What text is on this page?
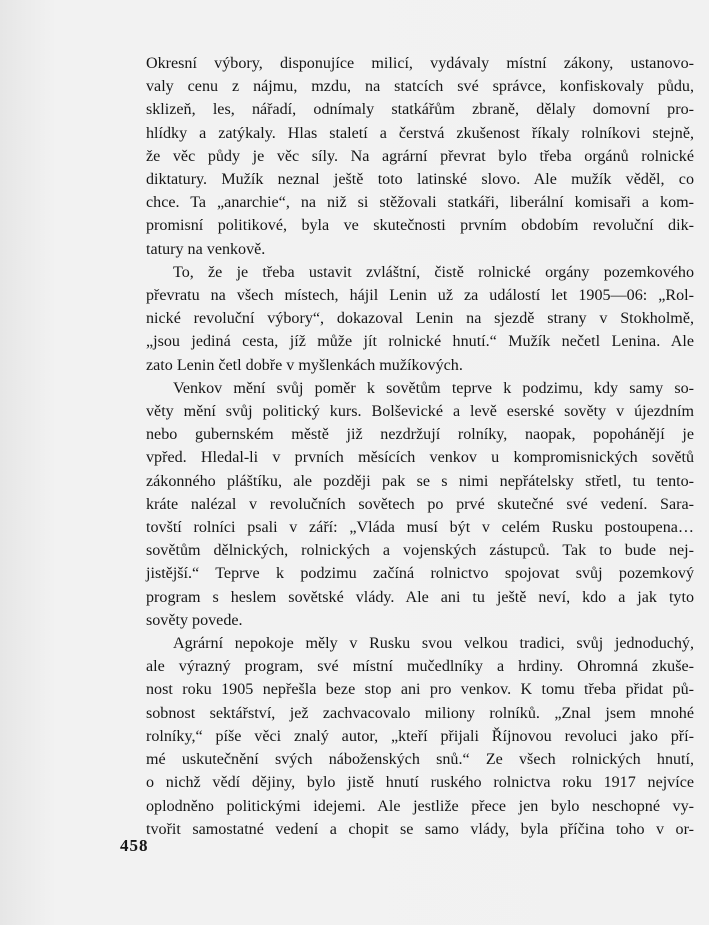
Okresní výbory, disponujíce milicí, vydávaly místní zákony, ustanovo-
valy cenu z nájmu, mzdu, na statcích své správce, konfiskovaly půdu,
sklizeň, les, nářadí, odnímaly statkářům zbraně, dělaly domovní pro-
hlídky a zatýkaly. Hlas staletí a čerstvá zkušenost říkaly rolníkovi stejně,
že věc půdy je věc síly. Na agrární převrat bylo třeba orgánů rolnické
diktatury. Mužík neznal ještě toto latinské slovo. Ale mužík věděl, co
chce. Ta „anarchie“, na niž si stěžovali statkáři, liberální komisaři a kom-
promisní politikové, byla ve skutečnosti prvním obdobím revoluční dik-
tatury na venkově.

To, že je třeba ustavit zvláštní, čistě rolnické orgány pozemkového
převratu na všech místech, hájil Lenin už za událostí let 1905—06: „Rol-
nické revoluční výbory“, dokazoval Lenin na sjezdě strany v Stokholmě,
„jsou jediná cesta, jíž může jít rolnické hnutí.“ Mužík nečetl Lenina. Ale
zato Lenin četl dobře v myšlenkách mužíkových.

Venkov mění svůj poměr k sovětům teprve k podzimu, kdy samy so-
věty mění svůj politický kurs. Bolševické a levě eserské sověty v újezdním
nebo gubernském městě již nezdržují rolníky, naopak, popohánějí je
vpřed. Hledal-li v prvních měsících venkov u kompromisnických sovětů
zákonného pláštíku, ale později pak se s nimi nepřátelsky střetl, tu tento-
kráte nalézal v revolučních sovětech po prvé skutečné své vedení. Sara-
tovští rolníci psali v září: „Vláda musí být v celém Rusku postoupena…
sovětům dělnických, rolnických a vojenských zástupců. Tak to bude nej-
jistější.“ Teprve k podzimu začíná rolnictvo spojovat svůj pozemkový
program s heslem sovětské vlády. Ale ani tu ještě neví, kdo a jak tyto
sověty povede.

Agrární nepokoje měly v Rusku svou velkou tradici, svůj jednoduchý,
ale výrazný program, své místní mučedlníky a hrdiny. Ohromná zkuše-
nost roku 1905 nepřešla beze stop ani pro venkov. K tomu třeba přidat pů-
sobnost sektářství, jež zachvacovalo miliony rolníků. „Znal jsem mnohé
rolníky,“ píše věci znalý autor, „kteří přijali Říjnovou revoluci jako pří-
mé uskutečnění svých náboženských snů.“ Ze všech rolnických hnutí,
o nichž vědí dějiny, bylo jistě hnutí ruského rolnictva roku 1917 nejvíce
oplodněno politickými idejemi. Ale jestliže přece jen bylo neschopné vy-
tvořit samostatné vedení a chopit se samo vlády, byla příčina toho v or-

458
